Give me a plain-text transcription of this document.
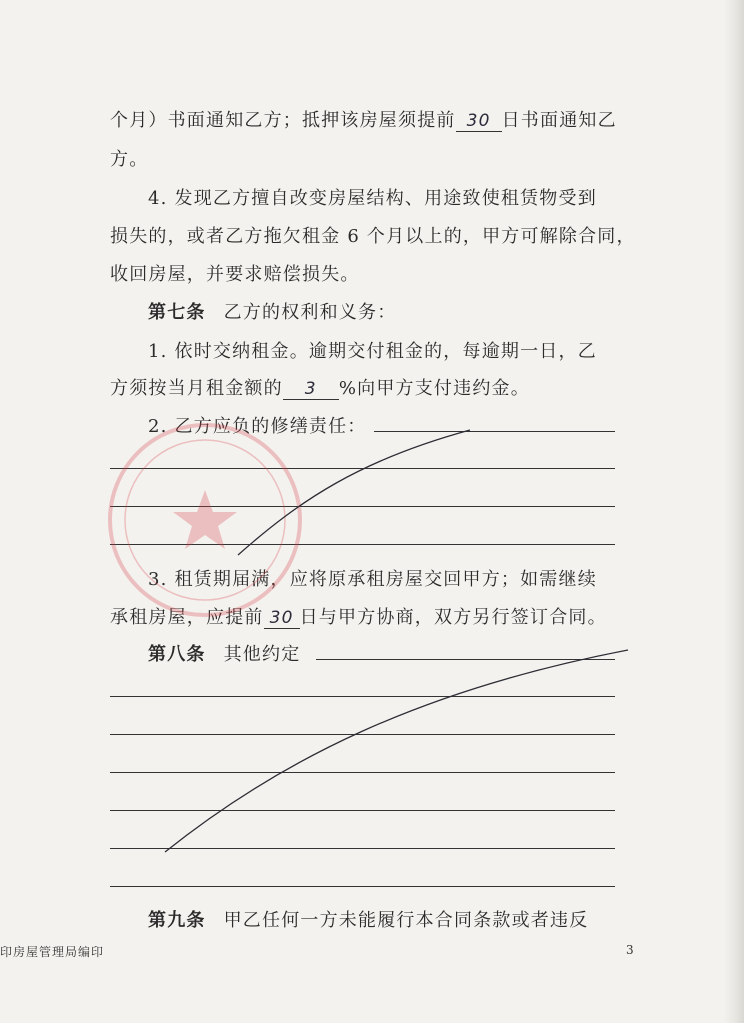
个月）书面通知乙方；抵押该房屋须提前 30 日书面通知乙
方。
4. 发现乙方擅自改变房屋结构、用途致使租赁物受到
损失的，或者乙方拖欠租金 6 个月以上的，甲方可解除合同，
收回房屋，并要求赔偿损失。
第七条 乙方的权利和义务：
1. 依时交纳租金。逾期交付租金的，每逾期一日，乙
方须按当月租金额的 3 %向甲方支付违约金。
2. 乙方应负的修缮责任：
3. 租赁期届满，应将原承租房屋交回甲方；如需继续
承租房屋，应提前 30 日与甲方协商，双方另行签订合同。
第八条 其他约定
第九条 甲乙任何一方未能履行本合同条款或者违反
印房屋管理局编印	3
